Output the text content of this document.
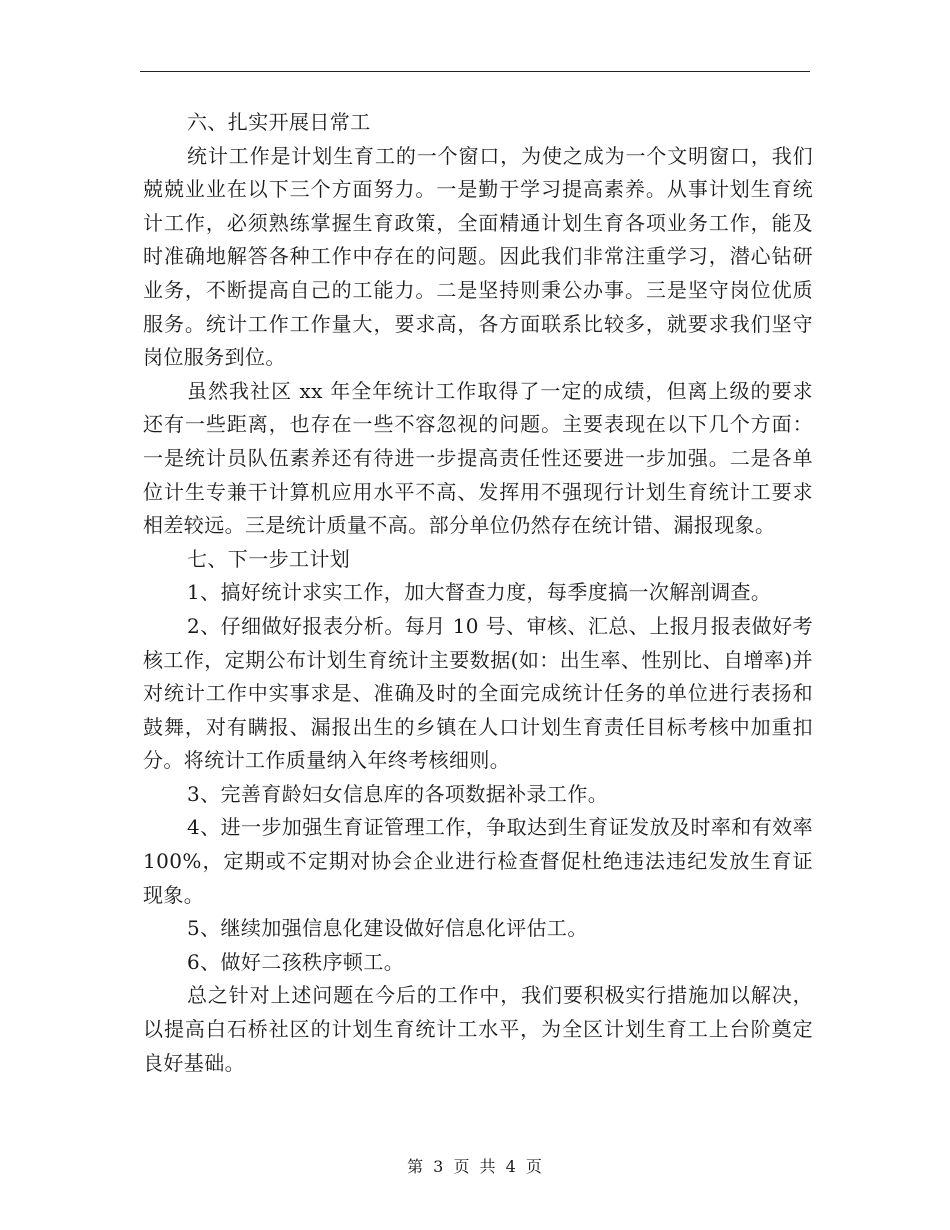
六、扎实开展日常工

统计工作是计划生育工的一个窗口，为使之成为一个文明窗口，我们兢兢业业在以下三个方面努力。一是勤于学习提高素养。从事计划生育统计工作，必须熟练掌握生育政策，全面精通计划生育各项业务工作，能及时准确地解答各种工作中存在的问题。因此我们非常注重学习，潜心钻研业务，不断提高自己的工能力。二是坚持则秉公办事。三是坚守岗位优质服务。统计工作工作量大，要求高，各方面联系比较多，就要求我们坚守岗位服务到位。

虽然我社区 xx 年全年统计工作取得了一定的成绩，但离上级的要求还有一些距离，也存在一些不容忽视的问题。主要表现在以下几个方面：一是统计员队伍素养还有待进一步提高责任性还要进一步加强。二是各单位计生专兼干计算机应用水平不高、发挥用不强现行计划生育统计工要求相差较远。三是统计质量不高。部分单位仍然存在统计错、漏报现象。

七、下一步工计划

1、搞好统计求实工作，加大督查力度，每季度搞一次解剖调查。

2、仔细做好报表分析。每月 10 号、审核、汇总、上报月报表做好考核工作，定期公布计划生育统计主要数据(如：出生率、性别比、自增率)并对统计工作中实事求是、准确及时的全面完成统计任务的单位进行表扬和鼓舞，对有瞒报、漏报出生的乡镇在人口计划生育责任目标考核中加重扣分。将统计工作质量纳入年终考核细则。

3、完善育龄妇女信息库的各项数据补录工作。

4、进一步加强生育证管理工作，争取达到生育证发放及时率和有效率 100%，定期或不定期对协会企业进行检查督促杜绝违法违纪发放生育证现象。

5、继续加强信息化建设做好信息化评估工。

6、做好二孩秩序顿工。

总之针对上述问题在今后的工作中，我们要积极实行措施加以解决，以提高白石桥社区的计划生育统计工水平，为全区计划生育工上台阶奠定良好基础。

第 3 页 共 4 页
